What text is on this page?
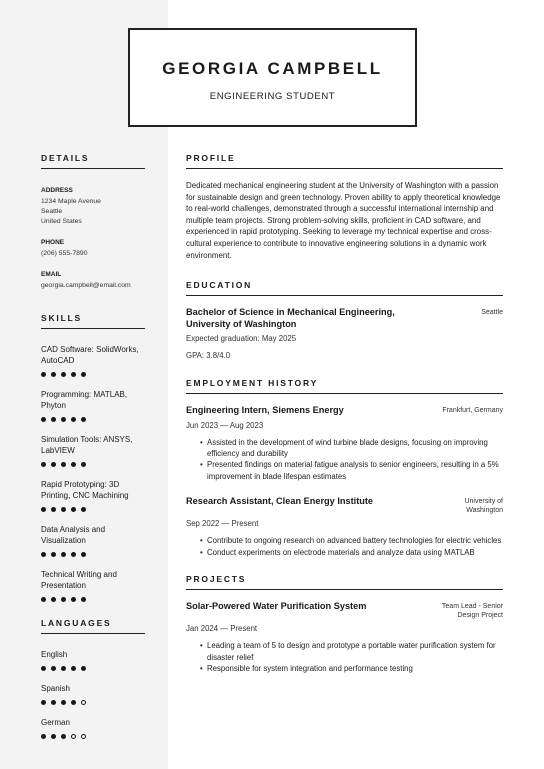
GEORGIA CAMPBELL
ENGINEERING STUDENT
DETAILS
ADDRESS
1234 Maple Avenue
Seattle
United States
PHONE
(206) 555-7890
EMAIL
georgia.campbell@email.com
SKILLS
CAD Software: SolidWorks, AutoCAD
Programming: MATLAB, Phyton
Simulation Tools: ANSYS, LabVIEW
Rapid Prototyping: 3D Printing, CNC Machining
Data Analysis and Visualization
Technical Writing and Presentation
LANGUAGES
English
Spanish
German
PROFILE
Dedicated mechanical engineering student at the University of Washington with a passion for sustainable design and green technology. Proven ability to apply theoretical knowledge to real-world challenges, demonstrated through a successful international internship and multiple team projects. Strong problem-solving skills, proficient in CAD software, and experienced in rapid prototyping. Seeking to leverage my technical expertise and cross-cultural experience to contribute to innovative engineering solutions in a dynamic work environment.
EDUCATION
Bachelor of Science in Mechanical Engineering, University of Washington
Seattle
Expected graduation: May 2025
GPA: 3.8/4.0
EMPLOYMENT HISTORY
Engineering Intern, Siemens Energy	Frankfurt, Germany
Jun 2023 — Aug 2023
• Assisted in the development of wind turbine blade designs, focusing on improving efficiency and durability
• Presented findings on material fatigue analysis to senior engineers, resulting in a 5% improvement in blade lifespan estimates
Research Assistant, Clean Energy Institute	University of Washington
Sep 2022 — Present
• Contribute to ongoing research on advanced battery technologies for electric vehicles
• Conduct experiments on electrode materials and analyze data using MATLAB
PROJECTS
Solar-Powered Water Purification System	Team Lead - Senior Design Project
Jan 2024 — Present
• Leading a team of 5 to design and prototype a portable water purification system for disaster relief
• Responsible for system integration and performance testing
